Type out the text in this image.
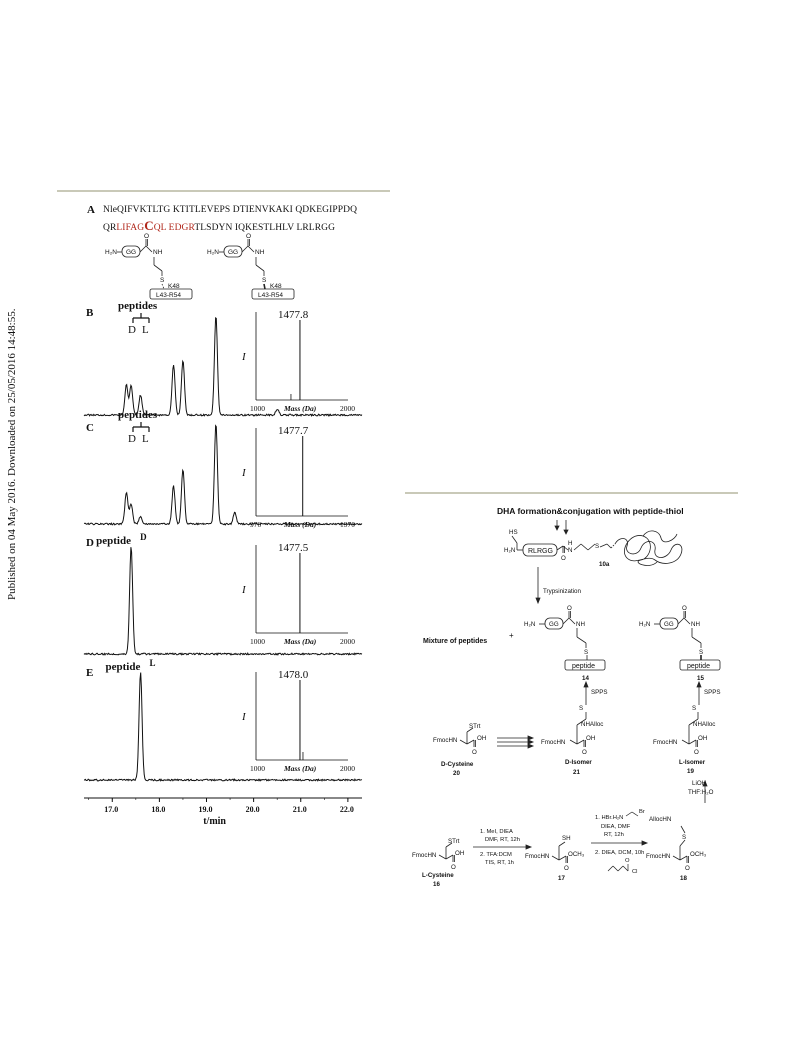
Published on 04 May 2016. Downloaded on 25/05/2016 14:48:55.
A NleQIFVKTLTG KTITLEVEPS DTIENVKAKI QDKEGIPPDQ
QRLIFAGCQL EDGRTLSDYN IQKESTLHLV LRLRGG
H₂N GG
O
NH
S
K48
L43-R54
H₂N GG
O
NH
S
K48
L43-R54
B	1477.8
I
1000	2000
Mass (Da)
peptides
D L
C	1477.7
I
970	1970
Mass (Da)
peptides
D L
D	1477.5
I
1000	2000
Mass (Da)
peptide D
E	1478.0
I
1000	2000
Mass (Da)
peptide L
17.0	18.0	19.0	20.0	21.0	22.0
t/min
DHA formation&conjugation with peptide-thiol
HS
H₂N RLRGG N
H
O
S
10a
Trypsinization
H₂N GG
O
NH
S
peptide
14
Mixture of peptides
+
H₂N GG
O
NH
S
peptide
15
SPPS	SPPS
STrt
FmocHN	OH
O
D-Cysteine
20
S
NHAlloc
FmocHN
OH
O
D-Isomer
21
S
NHAlloc
FmocHN
OH
O
L-Isomer
19
LiOH
THF:H₂O
STrt
FmocHN	OH
O
L-Cysteine
16
1. MeI, DIEA
DMF, RT, 12h
2. TFA:DCM
TIS, RT, 1h
SH
FmocHN	OCH₃
O
17
1. HBr.H₂N
Br
DIEA, DMF
RT, 12h
2. DIEA, DCM, 10h
O
Cl
AllocHN
S
FmocHN	OCH₃
O
18
